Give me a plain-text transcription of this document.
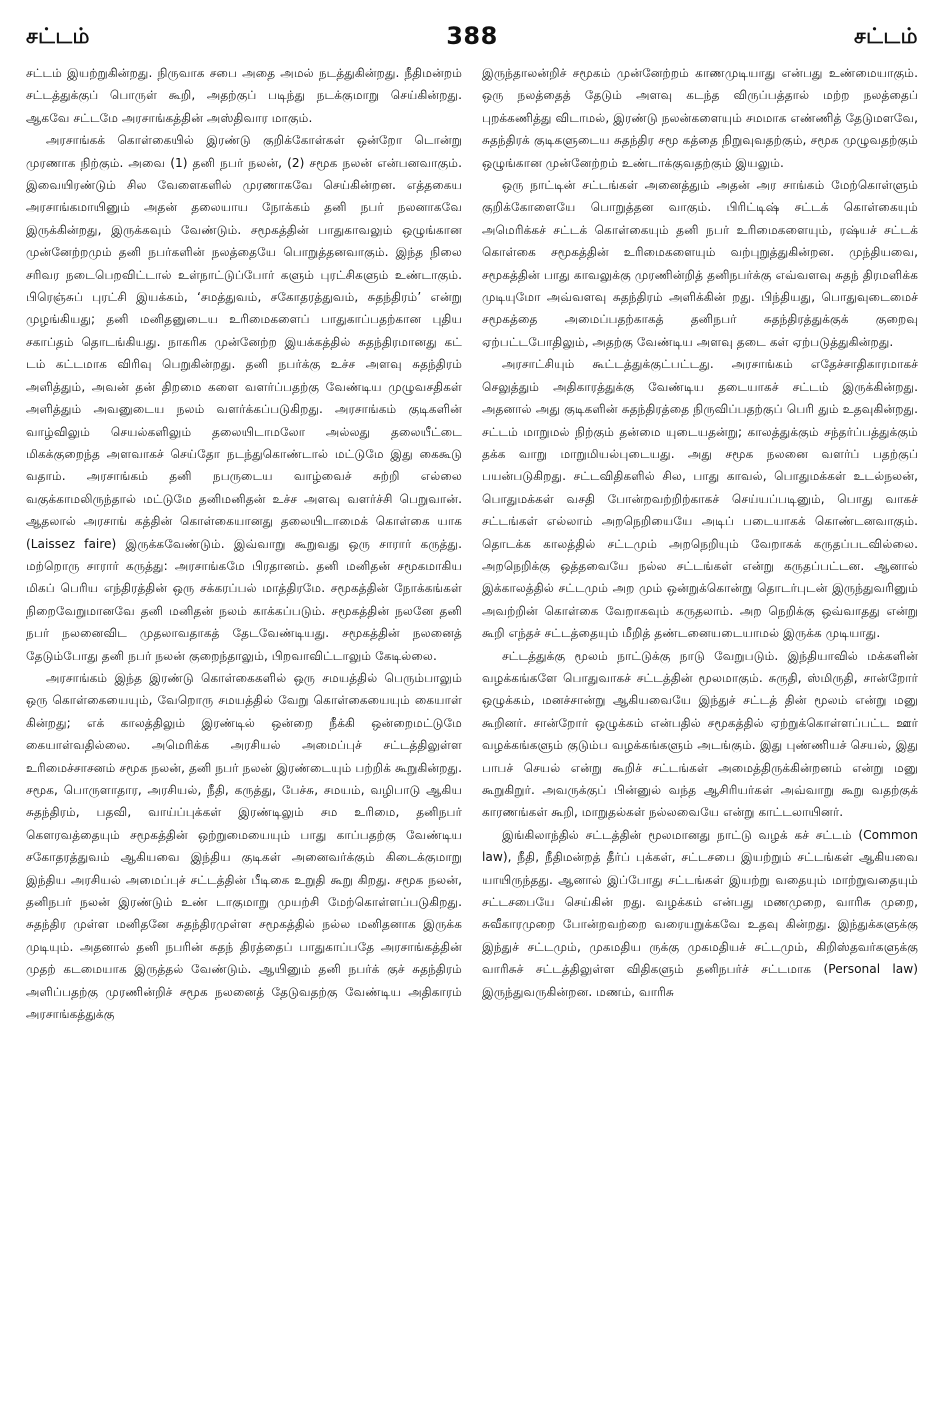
சட்டம்	388	சட்டம்

சட்டம் இயற்றுகின்றது. நிருவாக சபை அதை அமல் நடத்துகின்றது. நீதிமன்றம் சட்டத்துக்குப் பொருள் கூறி, அதற்குப் படிந்து நடக்குமாறு செய்கின்றது. ஆகவே சட்டமே அரசாங்கத்தின் அஸ்திவார மாகும்.

அரசாங்கக் கொள்கையில் இரண்டு குறிக்கோள்கள் ஒன்றோ டொன்று முரணாக நிற்கும். அவை (1) தனி நபர் நலன், (2) சமூக நலன் என்பனவாகும். இவையிரண்டும் சில வேளைகளில் முரணாகவே செய்கின்றன. எத்தகைய அரசாங்கமாயினும் அதன் தலையாய நோக்கம் தனி நபர் நலனாகவே இருக்கின்றது, இருக்கவும் வேண்டும். சமூகத்தின் பாதுகாவலும் ஒழுங்கான முன்னேற்றமும் தனி நபர்களின் நலத்தையே பொறுத்தனவாகும். இந்த நிலை சரிவர நடைபெறவிட்டால் உள்நாட்டுப்போர் களும் புரட்சிகளும் உண்டாகும். பிரெஞ்சுப் புரட்சி இயக்கம், ‘சமத்துவம், சகோதரத்துவம், சுதந்திரம்’ என்று முழங்கியது; தனி மனிதனுடைய உரிமைகளைப் பாதுகாப்பதற்கான புதிய சகாப்தம் தொடங்கியது. நாகரிக முன்னேற்ற இயக்கத்தில் சுதந்திரமானது கட் டம் கட்டமாக விரிவு பெறுகின்றது. தனி நபர்க்கு உச்ச அளவு சுதந்திரம் அளித்தும், அவன் தன் திறமை களை வளர்ப்பதற்கு வேண்டிய முழுவசதிகள் அளித்தும் அவனுடைய நலம் வளர்க்கப்படுகிறது. அரசாங்கம் குடிகளின் வாழ்விலும் செயல்களிலும் தலையிடாமலோ அல்லது தலையீட்டை மிகக்குறைந்த அளவாகச் செய்தோ நடந்துகொண்டால் மட்டுமே இது கைகூடு வதாம். அரசாங்கம் தனி நபருடைய வாழ்வைச் சுற்றி எல்லை வகுக்காமலிருந்தால் மட்டுமே தனிமனிதன் உச்ச அளவு வளர்ச்சி பெறுவான். ஆதலால் அரசாங் கத்தின் கொள்கையானது தலையிடாமைக் கொள்கை யாக (Laissez faire) இருக்கவேண்டும். இவ்வாறு கூறுவது ஒரு சாரார் கருத்து. மற்றொரு சாரார் கருத்து: அரசாங்கமே பிரதானம். தனி மனிதன் சமூகமாகிய மிகப் பெரிய எந்திரத்தின் ஒரு சக்கரப்பல் மாத்திரமே. சமூகத்தின் நோக்கங்கள் நிறைவேறுமானவே தனி மனிதன் நலம் காக்கப்படும். சமூகத்தின் நலனே தனி நபர் நலனைவிட முதலாவதாகத் தேடவேண்டியது. சமூகத்தின் நலனைத் தேடும்போது தனி நபர் நலன் குறைந்தாலும், பிறவாவிட்டாலும் கேடில்லை.

அரசாங்கம் இந்த இரண்டு கொள்கைகளில் ஒரு சமயத்தில் பெரும்பாலும் ஒரு கொள்கையையும், வேறொரு சமயத்தில் வேறு கொள்கையையும் கையாள் கின்றது; எக் காலத்திலும் இரண்டில் ஒன்றை நீக்கி ஒன்றைமட்டுமே கையாள்வதில்லை. அமெரிக்க அரசியல் அமைப்புச் சட்டத்திலுள்ள உரிமைச்சாசனம் சமூக நலன், தனி நபர் நலன் இரண்டையும் பற்றிக் கூறுகின்றது. சமூக, பொருளாதார, அரசியல், நீதி, கருத்து, பேச்சு, சமயம், வழிபாடு ஆகிய சுதந்திரம், பதவி, வாய்ப்புக்கள் இரண்டிலும் சம உரிமை, தனிநபர் கௌரவத்தையும் சமூகத்தின் ஒற்றுமையையும் பாது காப்பதற்கு வேண்டிய சகோதரத்துவம் ஆகியவை இந்திய குடிகள் அனைவர்க்கும் கிடைக்குமாறு இந்திய அரசியல் அமைப்புச் சட்டத்தின் பீடிகை உறுதி கூறு கிறது. சமூக நலன், தனிநபர் நலன் இரண்டும் உண் டாகுமாறு முயற்சி மேற்கொள்ளப்படுகிறது. சுதந்திர முள்ள மனிதனே சுதந்திரமுள்ள சமூகத்தில் நல்ல மனிதனாக இருக்க முடியும். அதனால் தனி நபரின் சுதந் திரத்தைப் பாதுகாப்பதே அரசாங்கத்தின் முதற் கடமையாக இருத்தல் வேண்டும். ஆயினும் தனி நபர்க் குச் சுதந்திரம் அளிப்பதற்கு முரணின்றிச் சமூக நலனைத் தேடுவதற்கு வேண்டிய அதிகாரம் அரசாங்கத்துக்கு

இருந்தாலன்றிச் சமூகம் முன்னேற்றம் காணமுடியாது என்பது உண்மையாகும். ஒரு நலத்தைத் தேடும் அளவு கடந்த விருப்பத்தால் மற்ற நலத்தைப் புறக்கணித்து விடாமல், இரண்டு நலன்களையும் சமமாக எண்ணித் தேடுமளவே, சுதந்திரக் குடிகளுடைய சுதந்திர சமூ கத்தை நிறுவுவதற்கும், சமூக முழுவதற்கும் ஒழுங்கான முன்னேற்றம் உண்டாக்குவதற்கும் இயலும்.

ஒரு நாட்டின் சட்டங்கள் அனைத்தும் அதன் அர சாங்கம் மேற்கொள்ளும் குறிக்கோளையே பொறுத்தன வாகும். பிரிட்டிஷ் சட்டக் கொள்கையும் அமெரிக்கச் சட்டக் கொள்கையும் தனி நபர் உரிமைகளையும், ரஷ்யச் சட்டக் கொள்கை சமூகத்தின் உரிமைகளையும் வற்புறுத்துகின்றன. முந்தியவை, சமூகத்தின் பாது காவலுக்கு முரணின்றித் தனிநபர்க்கு எவ்வளவு சுதந் திரமளிக்க முடியுமோ அவ்வளவு சுதந்திரம் அளிக்கின் றது. பிந்தியது, பொதுவுடைமைச் சமூகத்தை அமைப்பதற்காகத் தனிநபர் சுதந்திரத்துக்குக் குறைவு ஏற்பட்டபோதிலும், அதற்கு வேண்டிய அளவு தடை கள் ஏற்படுத்துகின்றது.

அரசாட்சியும் கூட்டத்துக்குட்பட்டது. அரசாங்கம் எதேச்சாதிகாரமாகச் செலுத்தும் அதிகாரத்துக்கு வேண்டிய தடையாகச் சட்டம் இருக்கின்றது. அதனால் அது குடிகளின் சுதந்திரத்தை நிருவிப்பதற்குப் பெரி தும் உதவுகின்றது. சட்டம் மாறுமல் நிற்கும் தன்மை யுடையதன்று; காலத்துக்கும் சந்தர்ப்பத்துக்கும் தக்க வாறு மாறுமியல்புடையது. அது சமூக நலனை வளர்ப் பதற்குப் பயன்படுகிறது. சட்டவிதிகளில் சில, பாது காவல், பொதுமக்கள் உடல்நலன், பொதுமக்கள் வசதி போன்றவற்றிற்காகச் செய்யப்படினும், பொது வாகச் சட்டங்கள் எல்லாம் அறநெறியையே அடிப் படையாகக் கொண்டனவாகும். தொடக்க காலத்தில் சட்டமும் அறநெறியும் வேறாகக் கருதப்படவில்லை. அறநெறிக்கு ஒத்தவையே நல்ல சட்டங்கள் என்று கருதப்பட்டன. ஆனால் இக்காலத்தில் சட்டமும் அற மும் ஒன்றுக்கொன்று தொடர்புடன் இருந்துவரினும் அவற்றின் கொள்கை வேறாகவும் கருதலாம். அற நெறிக்கு ஒவ்வாதது என்று கூறி எந்தச் சட்டத்தையும் மீறித் தண்டனையடையாமல் இருக்க முடியாது.

சட்டத்துக்கு மூலம் நாட்டுக்கு நாடு வேறுபடும். இந்தியாவில் மக்களின் வழக்கங்களே பொதுவாகச் சட்டத்தின் மூலமாகும். சுருதி, ஸ்மிருதி, சான்றோர் ஒழுக்கம், மனச்சான்று ஆகியவையே இந்துச் சட்டத் தின் மூலம் என்று மனு கூறினர். சான்றோர் ஒழுக்கம் என்பதில் சமூகத்தில் ஏற்றுக்கொள்ளப்பட்ட ஊர் வழக்கங்களும் குடும்ப வழக்கங்களும் அடங்கும். இது புண்ணியச் செயல், இது பாபச் செயல் என்று கூறிச் சட்டங்கள் அமைத்திருக்கின்றனம் என்று மனு கூறுகிறுர். அவருக்குப் பின்னுல் வந்த ஆசிரியர்கள் அவ்வாறு கூறு வதற்குக் காரணங்கள் கூறி, மாறுதல்கள் நல்லவையே என்று காட்டலாயினர்.

இங்கிலாந்தில் சட்டத்தின் மூலமானது நாட்டு வழக் கச் சட்டம் (Common law), நீதி, நீதிமன்றத் தீர்ப் புக்கள், சட்டசபை இயற்றும் சட்டங்கள் ஆகியவை யாயிருந்தது. ஆனால் இப்போது சட்டங்கள் இயற்று வதையும் மாற்றுவதையும் சட்டசபையே செய்கின் றது. வழக்கம் என்பது மணமுறை, வாரிசு முறை, சுவீகாரமுறை போன்றவற்றை வரையறுக்கவே உதவு கின்றது. இந்துக்களுக்கு இந்துச் சட்டமும், முகமதிய ருக்கு முகமதியச் சட்டமும், கிறிஸ்தவர்களுக்கு வாரிசுச் சட்டத்திலுள்ள விதிகளும் தனிநபர்ச் சட்டமாக (Personal law) இருந்துவருகின்றன. மணம், வாரிசு
